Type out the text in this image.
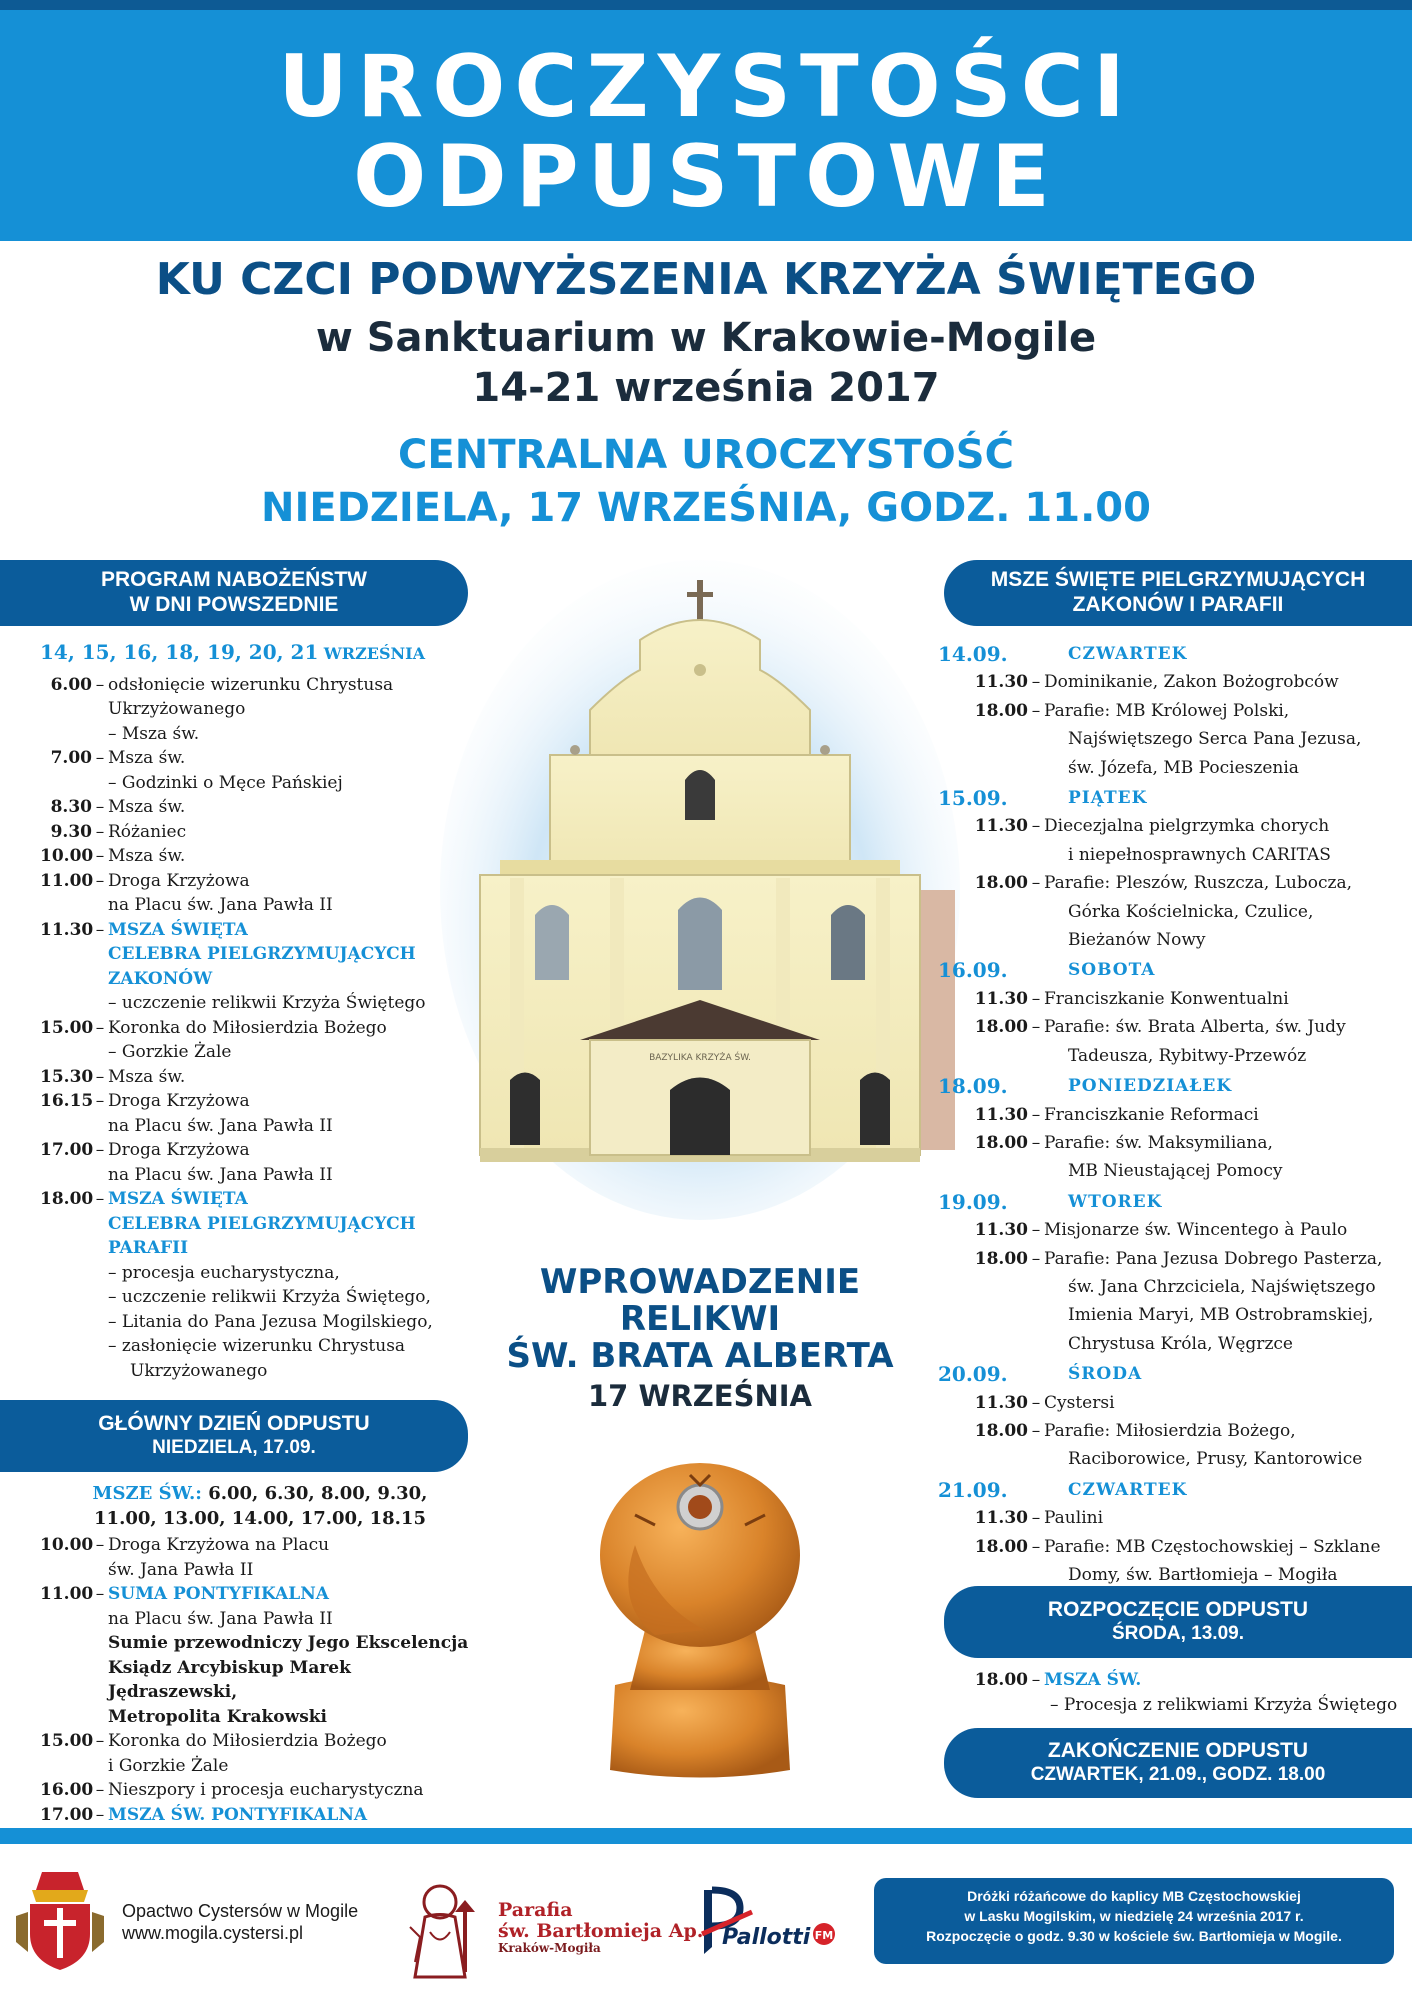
UROCZYSTOŚCI
ODPUSTOWE
KU CZCI PODWYŻSZENIA KRZYŻA ŚWIĘTEGO
w Sanktuarium w Krakowie-Mogile
14-21 września 2017
CENTRALNA UROCZYSTOŚĆ
NIEDZIELA, 17 WRZEŚNIA, GODZ. 11.00
PROGRAM NABOŻEŃSTW
W DNI POWSZEDNIE
14, 15, 16, 18, 19, 20, 21 WRZEŚNIA
6.00 – odsłonięcie wizerunku Chrystusa
Ukrzyżowanego
– Msza św.
7.00 – Msza św.
– Godzinki o Męce Pańskiej
8.30 – Msza św.
9.30 – Różaniec
10.00 – Msza św.
11.00 – Droga Krzyżowa
na Placu św. Jana Pawła II
11.30 – MSZA ŚWIĘTA
CELEBRA PIELGRZYMUJĄCYCH
ZAKONÓW
– uczczenie relikwii Krzyża Świętego
15.00 – Koronka do Miłosierdzia Bożego
– Gorzkie Żale
15.30 – Msza św.
16.15 – Droga Krzyżowa
na Placu św. Jana Pawła II
17.00 – Droga Krzyżowa
na Placu św. Jana Pawła II
18.00 – MSZA ŚWIĘTA
CELEBRA PIELGRZYMUJĄCYCH
PARAFII
– procesja eucharystyczna,
– uczczenie relikwii Krzyża Świętego,
– Litania do Pana Jezusa Mogilskiego,
– zasłonięcie wizerunku Chrystusa
Ukrzyżowanego
GŁÓWNY DZIEŃ ODPUSTU
NIEDZIELA, 17.09.
MSZE ŚW.: 6.00, 6.30, 8.00, 9.30,
11.00, 13.00, 14.00, 17.00, 18.15
10.00 – Droga Krzyżowa na Placu
św. Jana Pawła II
11.00 – SUMA PONTYFIKALNA
na Placu św. Jana Pawła II
Sumie przewodniczy Jego Ekscelencja
Ksiądz Arcybiskup Marek Jędraszewski,
Metropolita Krakowski
15.00 – Koronka do Miłosierdzia Bożego
i Gorzkie Żale
16.00 – Nieszpory i procesja eucharystyczna
17.00 – MSZA ŚW. PONTYFIKALNA
BAZYLIKA KRZYŻA ŚW.
WPROWADZENIE
RELIKWI
ŚW. BRATA ALBERTA
17 WRZEŚNIA
MSZE ŚWIĘTE PIELGRZYMUJĄCYCH
ZAKONÓW I PARAFII
14.09.	CZWARTEK
11.30 – Dominikanie, Zakon Bożogrobców
18.00 – Parafie: MB Królowej Polski,
Najświętszego Serca Pana Jezusa,
św. Józefa, MB Pocieszenia
15.09.	PIĄTEK
11.30 – Diecezjalna pielgrzymka chorych
i niepełnosprawnych CARITAS
18.00 – Parafie: Pleszów, Ruszcza, Lubocza,
Górka Kościelnicka, Czulice,
Bieżanów Nowy
16.09.	SOBOTA
11.30 – Franciszkanie Konwentualni
18.00 – Parafie: św. Brata Alberta, św. Judy
Tadeusza, Rybitwy-Przewóz
18.09.	PONIEDZIAŁEK
11.30 – Franciszkanie Reformaci
18.00 – Parafie: św. Maksymiliana,
MB Nieustającej Pomocy
19.09.	WTOREK
11.30 – Misjonarze św. Wincentego à Paulo
18.00 – Parafie: Pana Jezusa Dobrego Pasterza,
św. Jana Chrzciciela, Najświętszego
Imienia Maryi, MB Ostrobramskiej,
Chrystusa Króla, Węgrzce
20.09.	ŚRODA
11.30 – Cystersi
18.00 – Parafie: Miłosierdzia Bożego,
Raciborowice, Prusy, Kantorowice
21.09.	CZWARTEK
11.30 – Paulini
18.00 – Parafie: MB Częstochowskiej – Szklane
Domy, św. Bartłomieja – Mogiła
ROZPOCZĘCIE ODPUSTU
ŚRODA, 13.09.
18.00 – MSZA ŚW.
– Procesja z relikwiami Krzyża Świętego
ZAKOŃCZENIE ODPUSTU
CZWARTEK, 21.09., GODZ. 18.00
Opactwo Cystersów w Mogile
www.mogila.cystersi.pl
Parafia
św. Bartłomieja Ap.
Kraków-Mogiła	Pallotti FM
Dróżki różańcowe do kaplicy MB Częstochowskiej
w Lasku Mogilskim, w niedzielę 24 września 2017 r.
Rozpoczęcie o godz. 9.30 w kościele św. Bartłomieja w Mogile.
